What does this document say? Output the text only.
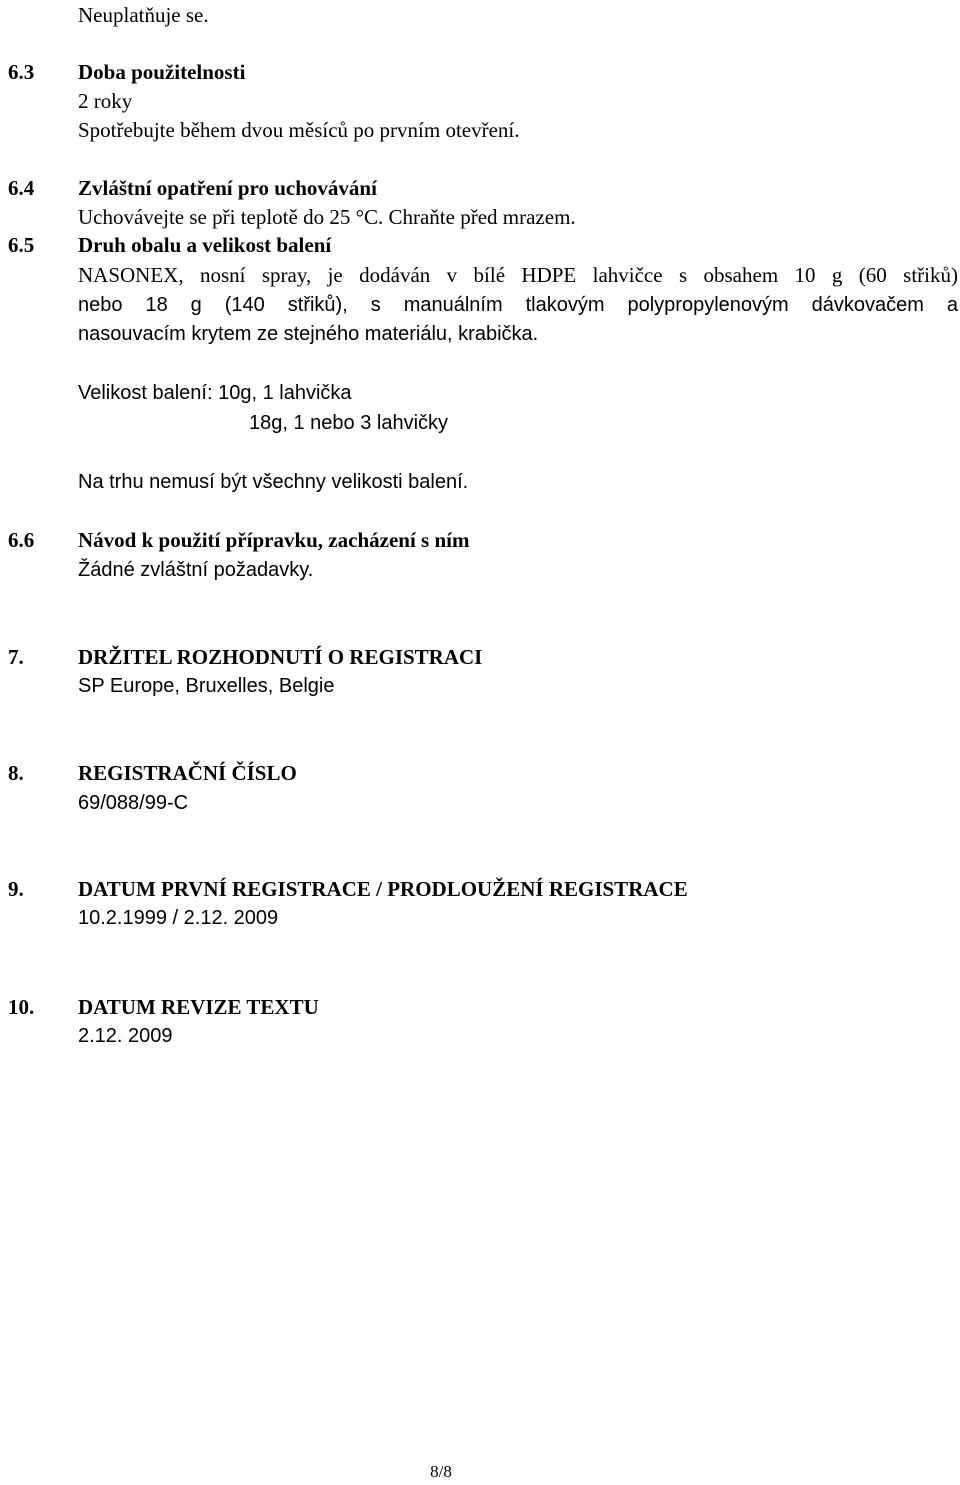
Neuplatňuje se.
6.3 Doba použitelnosti
2 roky
Spotřebujte během dvou měsíců po prvním otevření.
6.4 Zvláštní opatření pro uchovávání
Uchovávejte se při teplotě do 25 °C. Chraňte před mrazem.
6.5 Druh obalu a velikost balení
NASONEX, nosní spray, je dodáván v bílé HDPE lahvičce s obsahem 10 g (60 střiků)
nebo 18 g (140 střiků), s manuálním tlakovým polypropylenovým dávkovačem a
nasouvacím krytem ze stejného materiálu, krabička.
Velikost balení: 10g, 1 lahvička
18g, 1 nebo 3 lahvičky
Na trhu nemusí být všechny velikosti balení.
6.6 Návod k použití přípravku, zacházení s ním
Žádné zvláštní požadavky.
7.	DRŽITEL ROZHODNUTÍ O REGISTRACI
SP Europe, Bruxelles, Belgie
8.	REGISTRAČNÍ ČÍSLO
69/088/99-C
9.	DATUM PRVNÍ REGISTRACE / PRODLOUŽENÍ REGISTRACE
10.2.1999 / 2.12. 2009
10. DATUM REVIZE TEXTU
2.12. 2009
8/8
